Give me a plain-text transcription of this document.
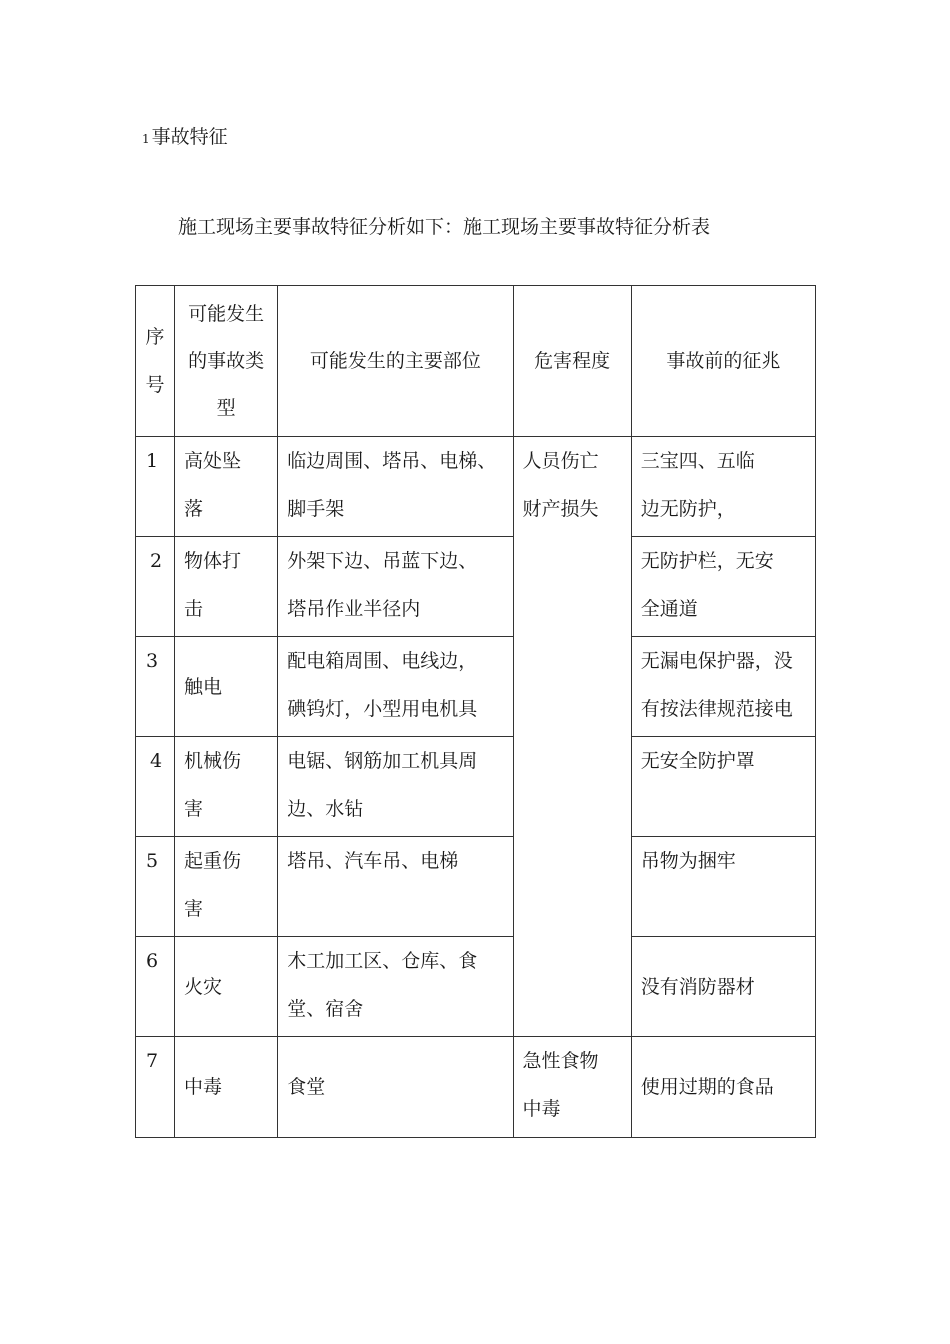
1 事故特征
施工现场主要事故特征分析如下：施工现场主要事故特征分析表
序号	可能发生的事故类型	可能发生的主要部位	危害程度	事故前的征兆

1	高处坠落	临边周围、塔吊、电梯、脚手架	人员伤亡财产损失	三宝四、五临边无防护，

2	物体打击	外架下边、吊蓝下边、塔吊作业半径内		无防护栏，无安全通道

3	触电	配电箱周围、电线边，碘钨灯，小型用电机具		无漏电保护器，没有按法律规范接电

4	机械伤害	电锯、钢筋加工机具周边、水钻		无安全防护罩

5	起重伤害	塔吊、汽车吊、电梯		吊物为捆牢

6	火灾	木工加工区、仓库、食堂、宿舍		没有消防器材

7	中毒	食堂	急性食物中毒	使用过期的食品
